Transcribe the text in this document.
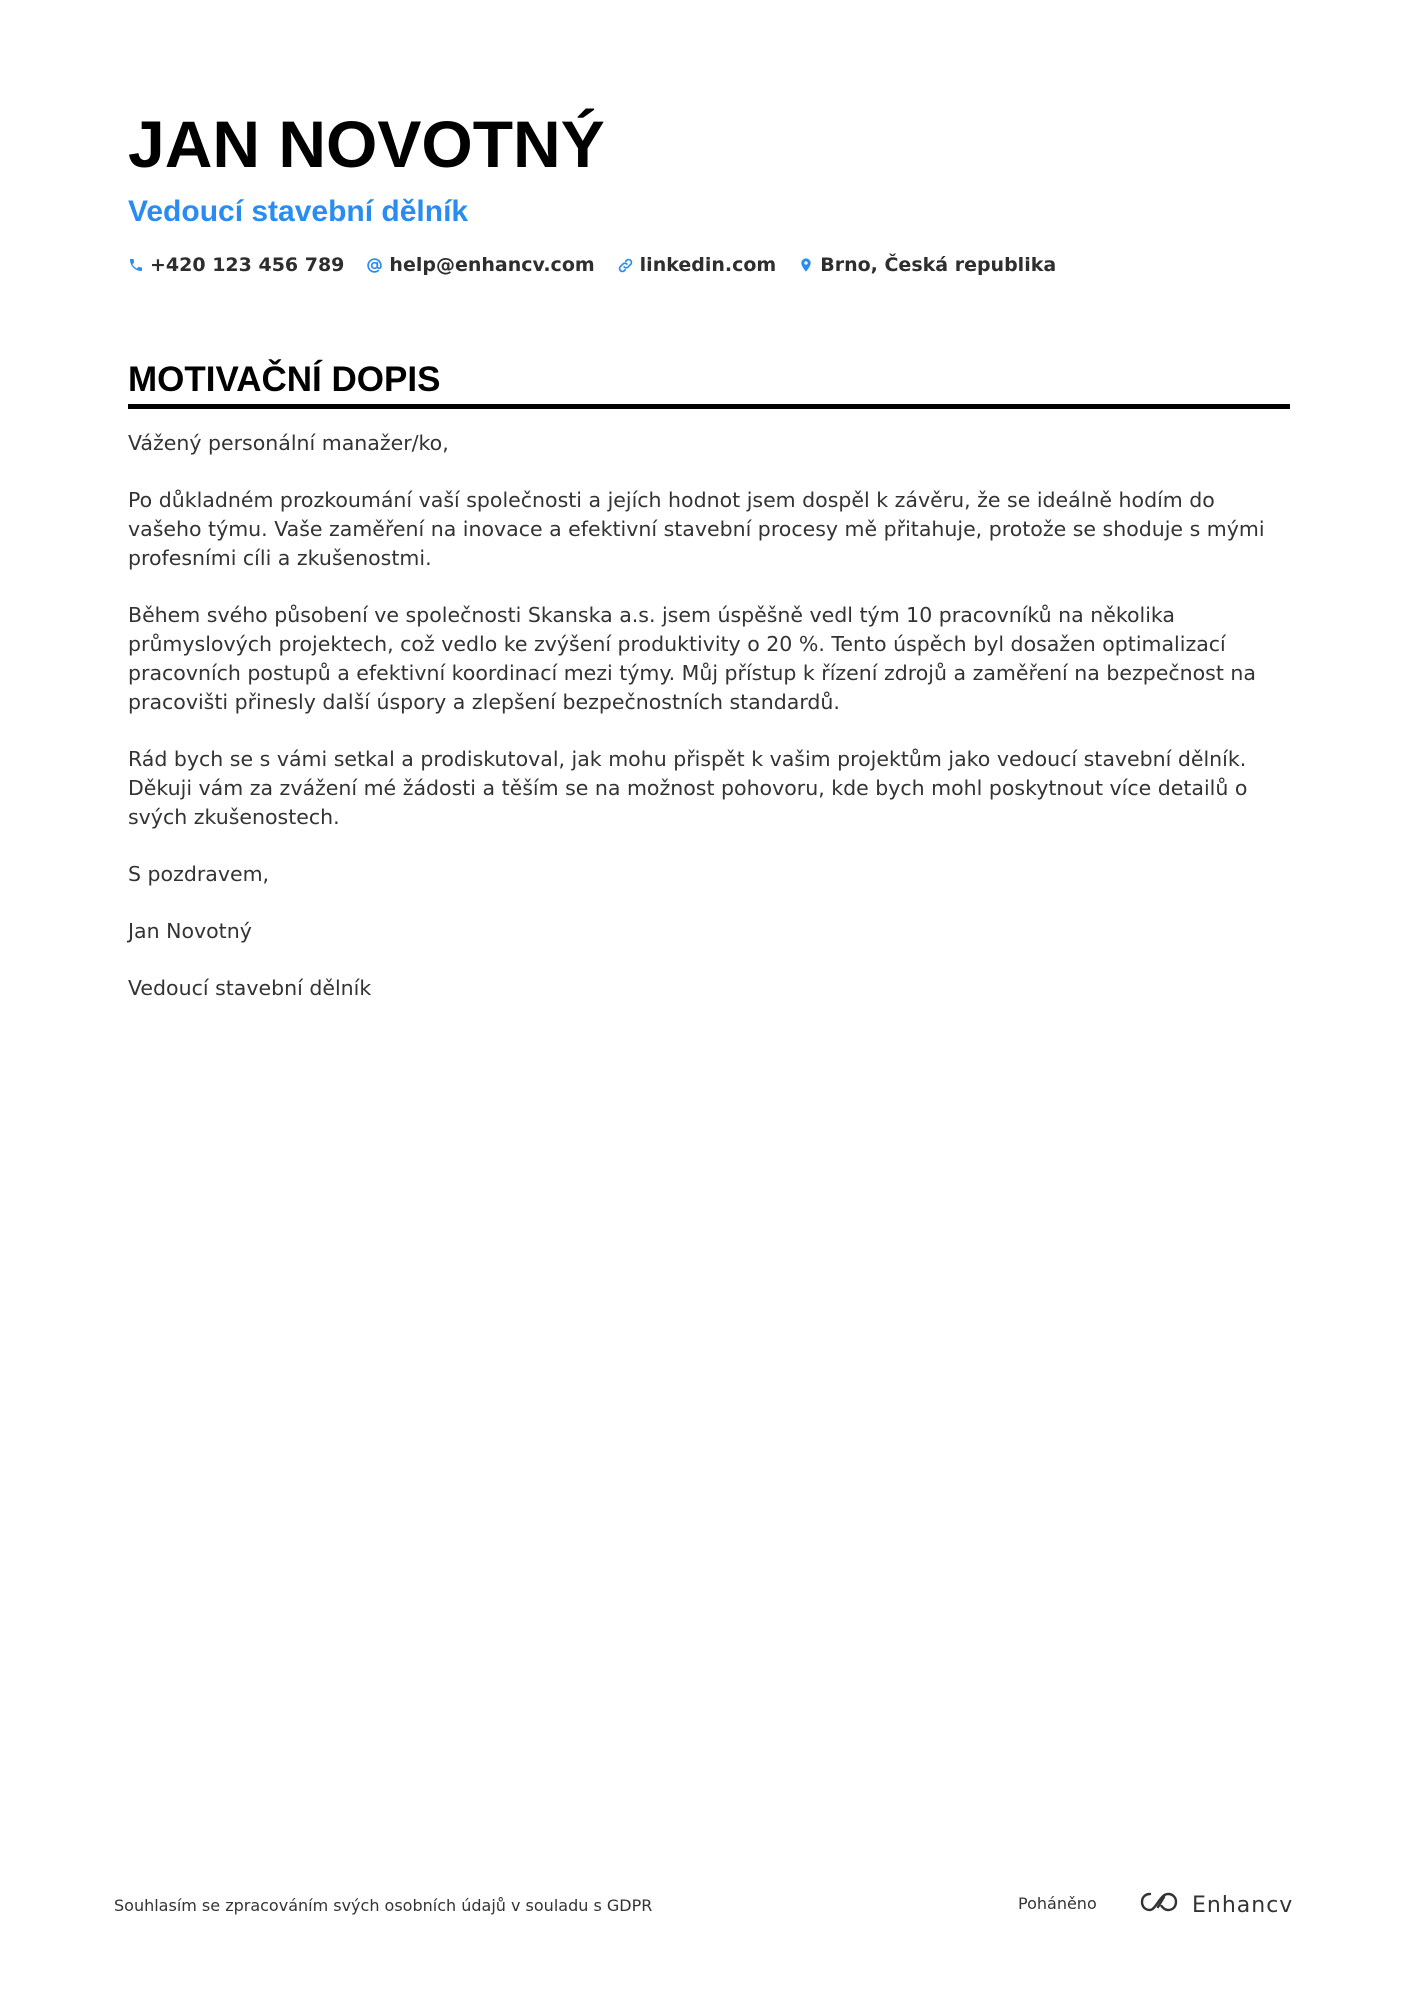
JAN NOVOTNÝ
Vedoucí stavební dělník
+420 123 456 789 help@enhancv.com linkedin.com Brno, Česká republika
MOTIVAČNÍ DOPIS

Vážený personální manažer/ko,

Po důkladném prozkoumání vaší společnosti a jejích hodnot jsem dospěl k závěru, že se ideálně hodím do vašeho týmu. Vaše zaměření na inovace a efektivní stavební procesy mě přitahuje, protože se shoduje s mými profesními cíli a zkušenostmi.

Během svého působení ve společnosti Skanska a.s. jsem úspěšně vedl tým 10 pracovníků na několika průmyslových projektech, což vedlo ke zvýšení produktivity o 20 %. Tento úspěch byl dosažen optimalizací pracovních postupů a efektivní koordinací mezi týmy. Můj přístup k řízení zdrojů a zaměření na bezpečnost na pracovišti přinesly další úspory a zlepšení bezpečnostních standardů.

Rád bych se s vámi setkal a prodiskutoval, jak mohu přispět k vašim projektům jako vedoucí stavební dělník. Děkuji vám za zvážení mé žádosti a těším se na možnost pohovoru, kde bych mohl poskytnout více detailů o svých zkušenostech.

S pozdravem,

Jan Novotný

Vedoucí stavební dělník

Souhlasím se zpracováním svých osobních údajů v souladu s GDPR	Poháněno	Enhancv
